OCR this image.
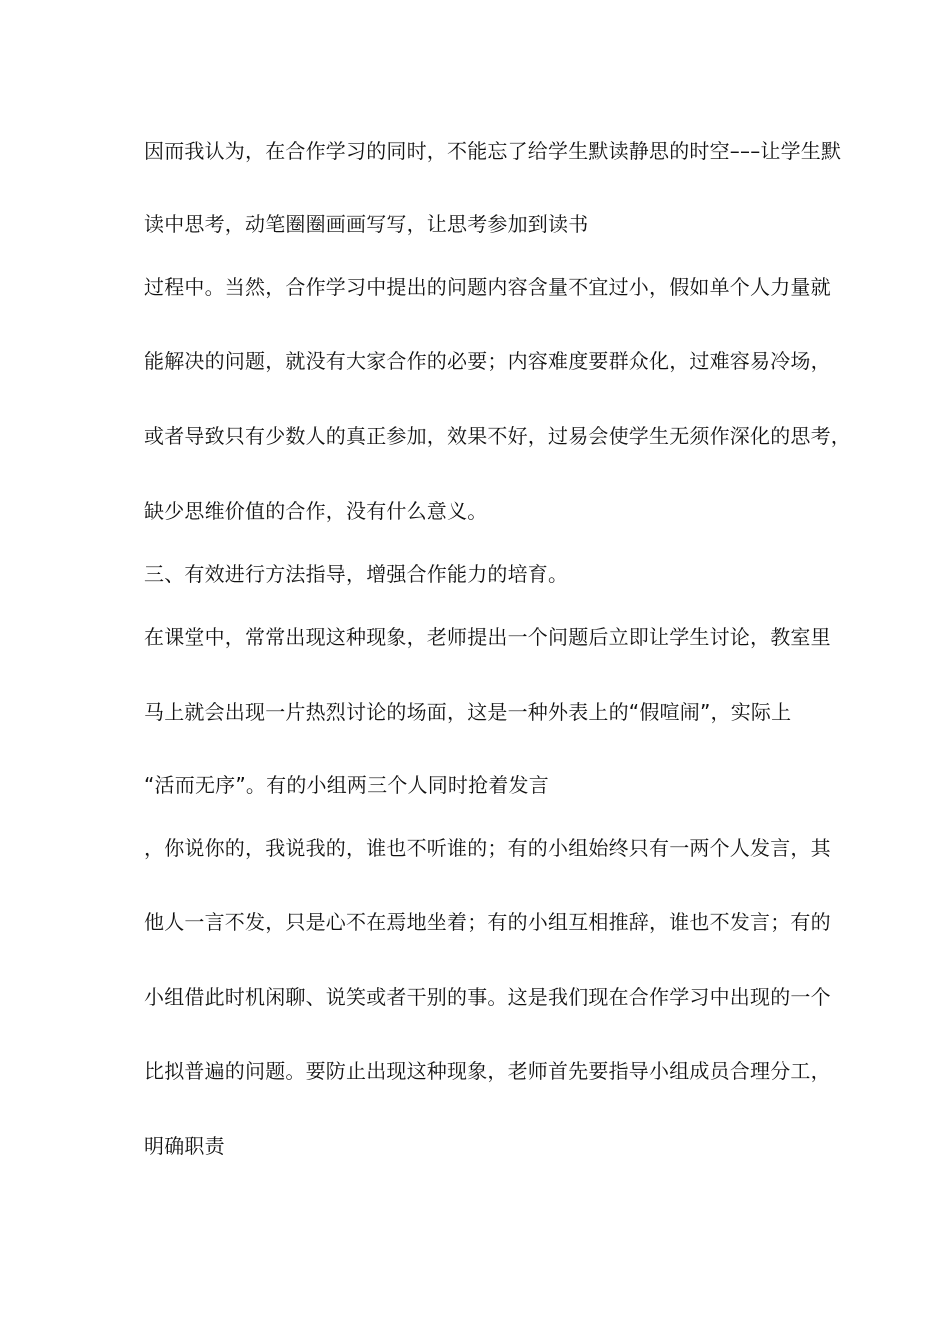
因而我认为，在合作学习的同时，不能忘了给学生默读静思的时空–––让学生默
读中思考，动笔圈圈画画写写，让思考参加到读书
过程中。当然，合作学习中提出的问题内容含量不宜过小，假如单个人力量就
能解决的问题，就没有大家合作的必要；内容难度要群众化，过难容易冷场，
或者导致只有少数人的真正参加，效果不好，过易会使学生无须作深化的思考，
缺少思维价值的合作，没有什么意义。
三、有效进行方法指导，增强合作能力的培育。
在课堂中，常常出现这种现象，老师提出一个问题后立即让学生讨论，教室里
马上就会出现一片热烈讨论的场面，这是一种外表上的“假喧闹”，实际上
“活而无序”。有的小组两三个人同时抢着发言
，你说你的，我说我的，谁也不听谁的；有的小组始终只有一两个人发言，其
他人一言不发，只是心不在焉地坐着；有的小组互相推辞，谁也不发言；有的
小组借此时机闲聊、说笑或者干别的事。这是我们现在合作学习中出现的一个
比拟普遍的问题。要防止出现这种现象，老师首先要指导小组成员合理分工，
明确职责
